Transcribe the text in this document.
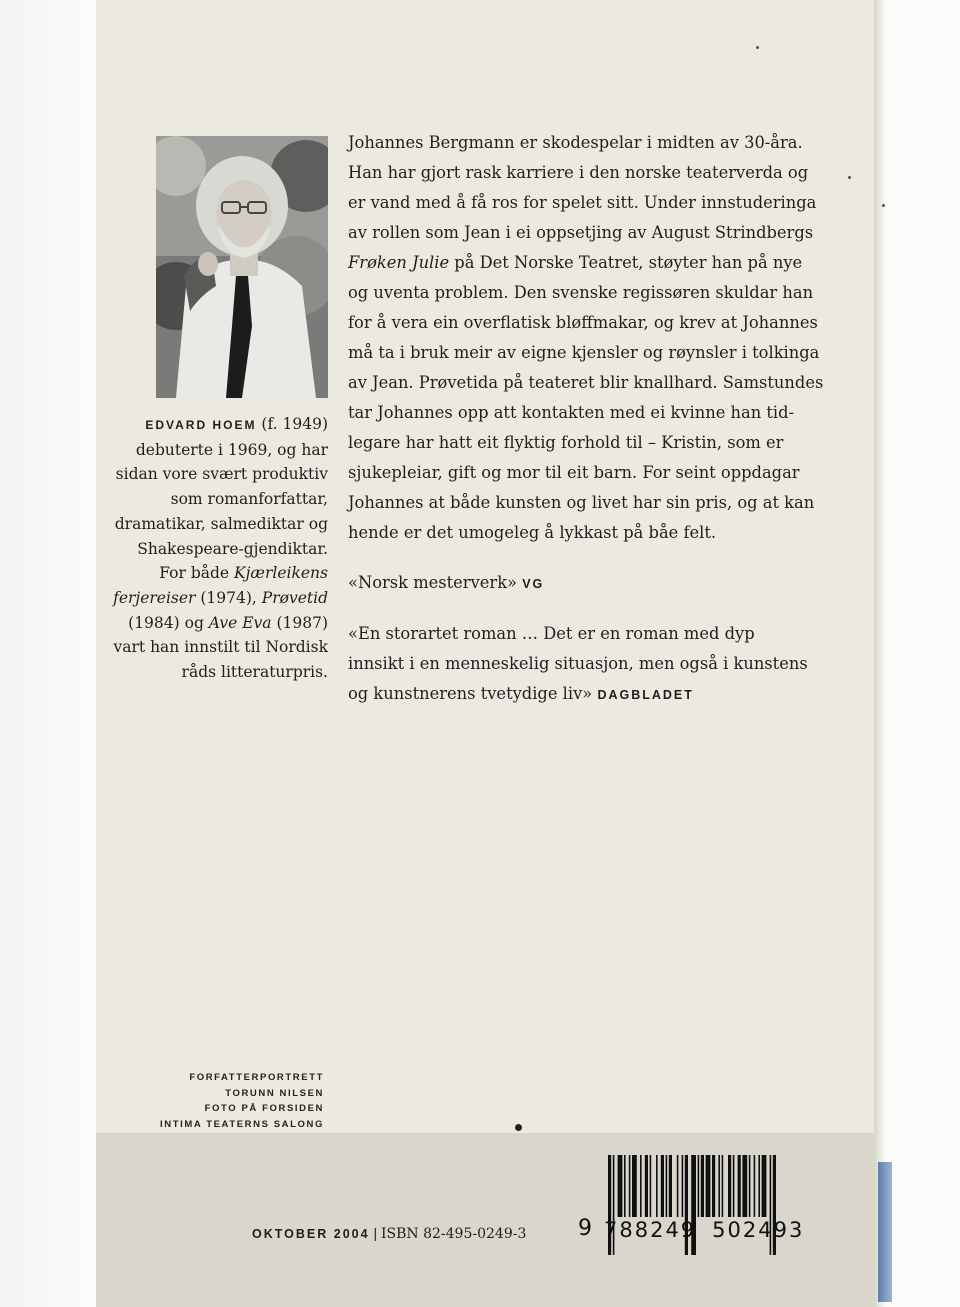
EDVARD HOEM (f. 1949)
debuterte i 1969, og har
sidan vore svært produktiv
som romanforfattar,
dramatikar, salmediktar og
Shakespeare-gjendiktar.
For både Kjærleikens
ferjereiser (1974), Prøvetid
(1984) og Ave Eva (1987)
vart han innstilt til Nordisk
råds litteraturpris.

Johannes Bergmann er skodespelar i midten av 30-åra.

Han har gjort rask karriere i den norske teaterverda og

er vand med å få ros for spelet sitt. Under innstuderinga

av rollen som Jean i ei oppsetjing av August Strindbergs

Frøken Julie på Det Norske Teatret, støyter han på nye

og uventa problem. Den svenske regissøren skuldar han

for å vera ein overflatisk bløffmakar, og krev at Johannes

må ta i bruk meir av eigne kjensler og røynsler i tolkinga

av Jean. Prøvetida på teateret blir knallhard. Samstundes

tar Johannes opp att kontakten med ei kvinne han tid-

legare har hatt eit flyktig forhold til – Kristin, som er

sjukepleiar, gift og mor til eit barn. For seint oppdagar

Johannes at både kunsten og livet har sin pris, og at kan

hende er det umogeleg å lykkast på båe felt.

«Norsk mesterverk» VG

«En storartet roman … Det er en roman med dyp

innsikt i en menneskelig situasjon, men også i kunstens

og kunstnerens tvetydige liv» DAGBLADET

FORFATTERPORTRETT
TORUNN NILSEN
FOTO PÅ FORSIDEN
INTIMA TEATERNS SALONG
OKTOBER 2004 | ISBN 82-495-0249-3 9 788249 502493
